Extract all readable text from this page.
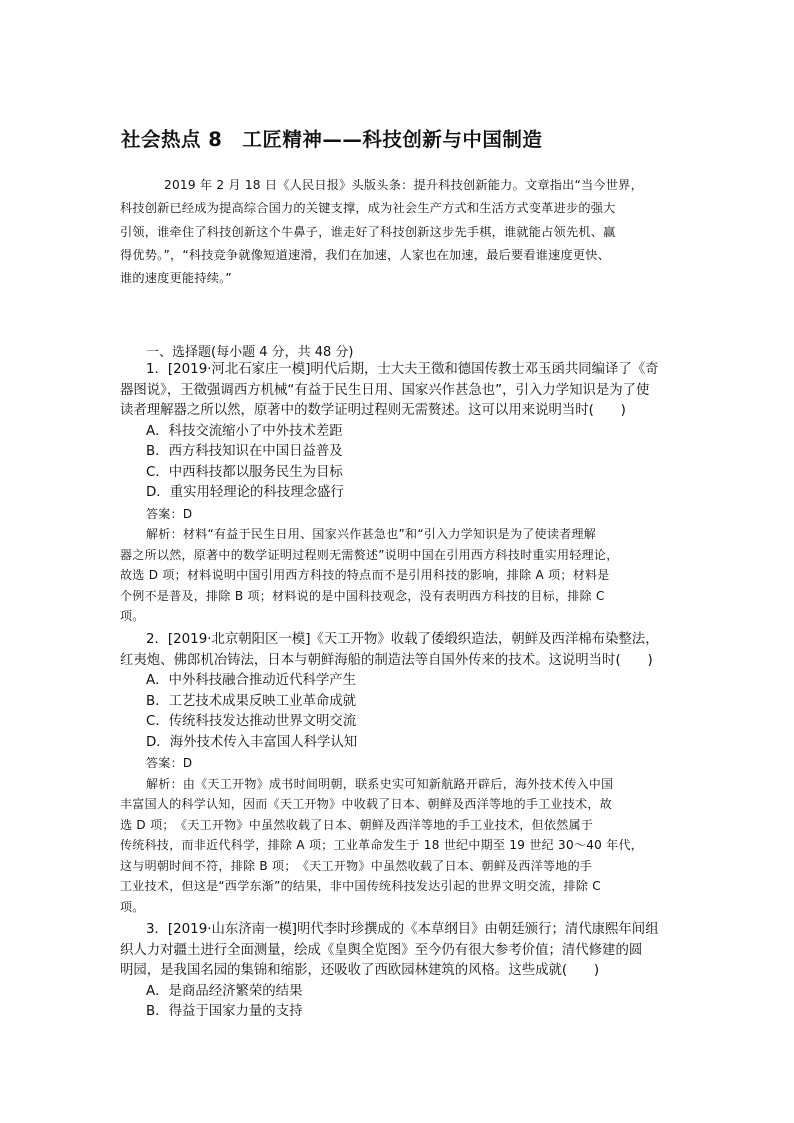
社会热点 8　工匠精神——科技创新与中国制造
2019 年 2 月 18 日《人民日报》头版头条：提升科技创新能力。文章指出“当今世界，
科技创新已经成为提高综合国力的关键支撑，成为社会生产方式和生活方式变革进步的强大
引领，谁牵住了科技创新这个牛鼻子，谁走好了科技创新这步先手棋，谁就能占领先机、赢
得优势。”，“科技竞争就像短道速滑，我们在加速，人家也在加速，最后要看谁速度更快、
谁的速度更能持续。”
一、选择题(每小题 4 分，共 48 分)
1．[2019·河北石家庄一模]明代后期，士大夫王徵和德国传教士邓玉函共同编译了《奇
器图说》，王徵强调西方机械“有益于民生日用、国家兴作甚急也”，引入力学知识是为了使
读者理解器之所以然，原著中的数学证明过程则无需赘述。这可以用来说明当时(　　)
A．科技交流缩小了中外技术差距
B．西方科技知识在中国日益普及
C．中西科技都以服务民生为目标
D．重实用轻理论的科技理念盛行
答案：D
解析：材料“有益于民生日用、国家兴作甚急也”和“引入力学知识是为了使读者理解
器之所以然，原著中的数学证明过程则无需赘述”说明中国在引用西方科技时重实用轻理论，
故选 D 项；材料说明中国引用西方科技的特点而不是引用科技的影响，排除 A 项；材料是
个例不是普及，排除 B 项；材料说的是中国科技观念，没有表明西方科技的目标，排除 C
项。
2．[2019·北京朝阳区一模]《天工开物》收载了倭缎织造法，朝鲜及西洋棉布染整法，
红夷炮、佛郎机冶铸法，日本与朝鲜海船的制造法等自国外传来的技术。这说明当时(　　)
A．中外科技融合推动近代科学产生
B．工艺技术成果反映工业革命成就
C．传统科技发达推动世界文明交流
D．海外技术传入丰富国人科学认知
答案：D
解析：由《天工开物》成书时间明朝，联系史实可知新航路开辟后，海外技术传入中国
丰富国人的科学认知，因而《天工开物》中收载了日本、朝鲜及西洋等地的手工业技术，故
选 D 项；　《天工开物》中虽然收载了日本、朝鲜及西洋等地的手工业技术，但依然属于
传统科技，而非近代科学，排除 A 项；工业革命发生于 18 世纪中期至 19 世纪 30～40 年代，
这与明朝时间不符，排除 B 项；　《天工开物》中虽然收载了日本、朝鲜及西洋等地的手
工业技术，但这是“西学东渐”的结果，非中国传统科技发达引起的世界文明交流，排除 C
项。
3．[2019·山东济南一模]明代李时珍撰成的《本草纲目》由朝廷颁行；清代康熙年间组
织人力对疆土进行全面测量，绘成《皇舆全览图》至今仍有很大参考价值；清代修建的圆
明园，是我国名园的集锦和缩影，还吸收了西欧园林建筑的风格。这些成就(　　)
A．是商品经济繁荣的结果
B．得益于国家力量的支持
